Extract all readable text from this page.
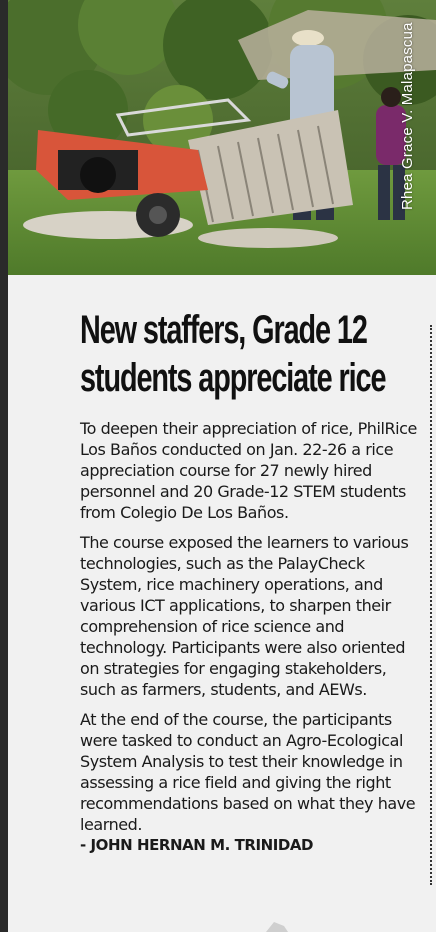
Rhea Grace V. Malapascua
New staffers, Grade 12 students appreciate rice

To deepen their appreciation of rice, PhilRice Los Baños conducted on Jan. 22-26 a rice appreciation course for 27 newly hired personnel and 20 Grade-12 STEM students from Colegio De Los Baños.

The course exposed the learners to various technologies, such as the PalayCheck System, rice machinery operations, and various ICT applications, to sharpen their comprehension of rice science and technology. Participants were also oriented on strategies for engaging stakeholders, such as farmers, students, and AEWs.

At the end of the course, the participants were tasked to conduct an Agro-Ecological System Analysis to test their knowledge in assessing a rice field and giving the right recommendations based on what they have learned.

- JOHN HERNAN M. TRINIDAD
